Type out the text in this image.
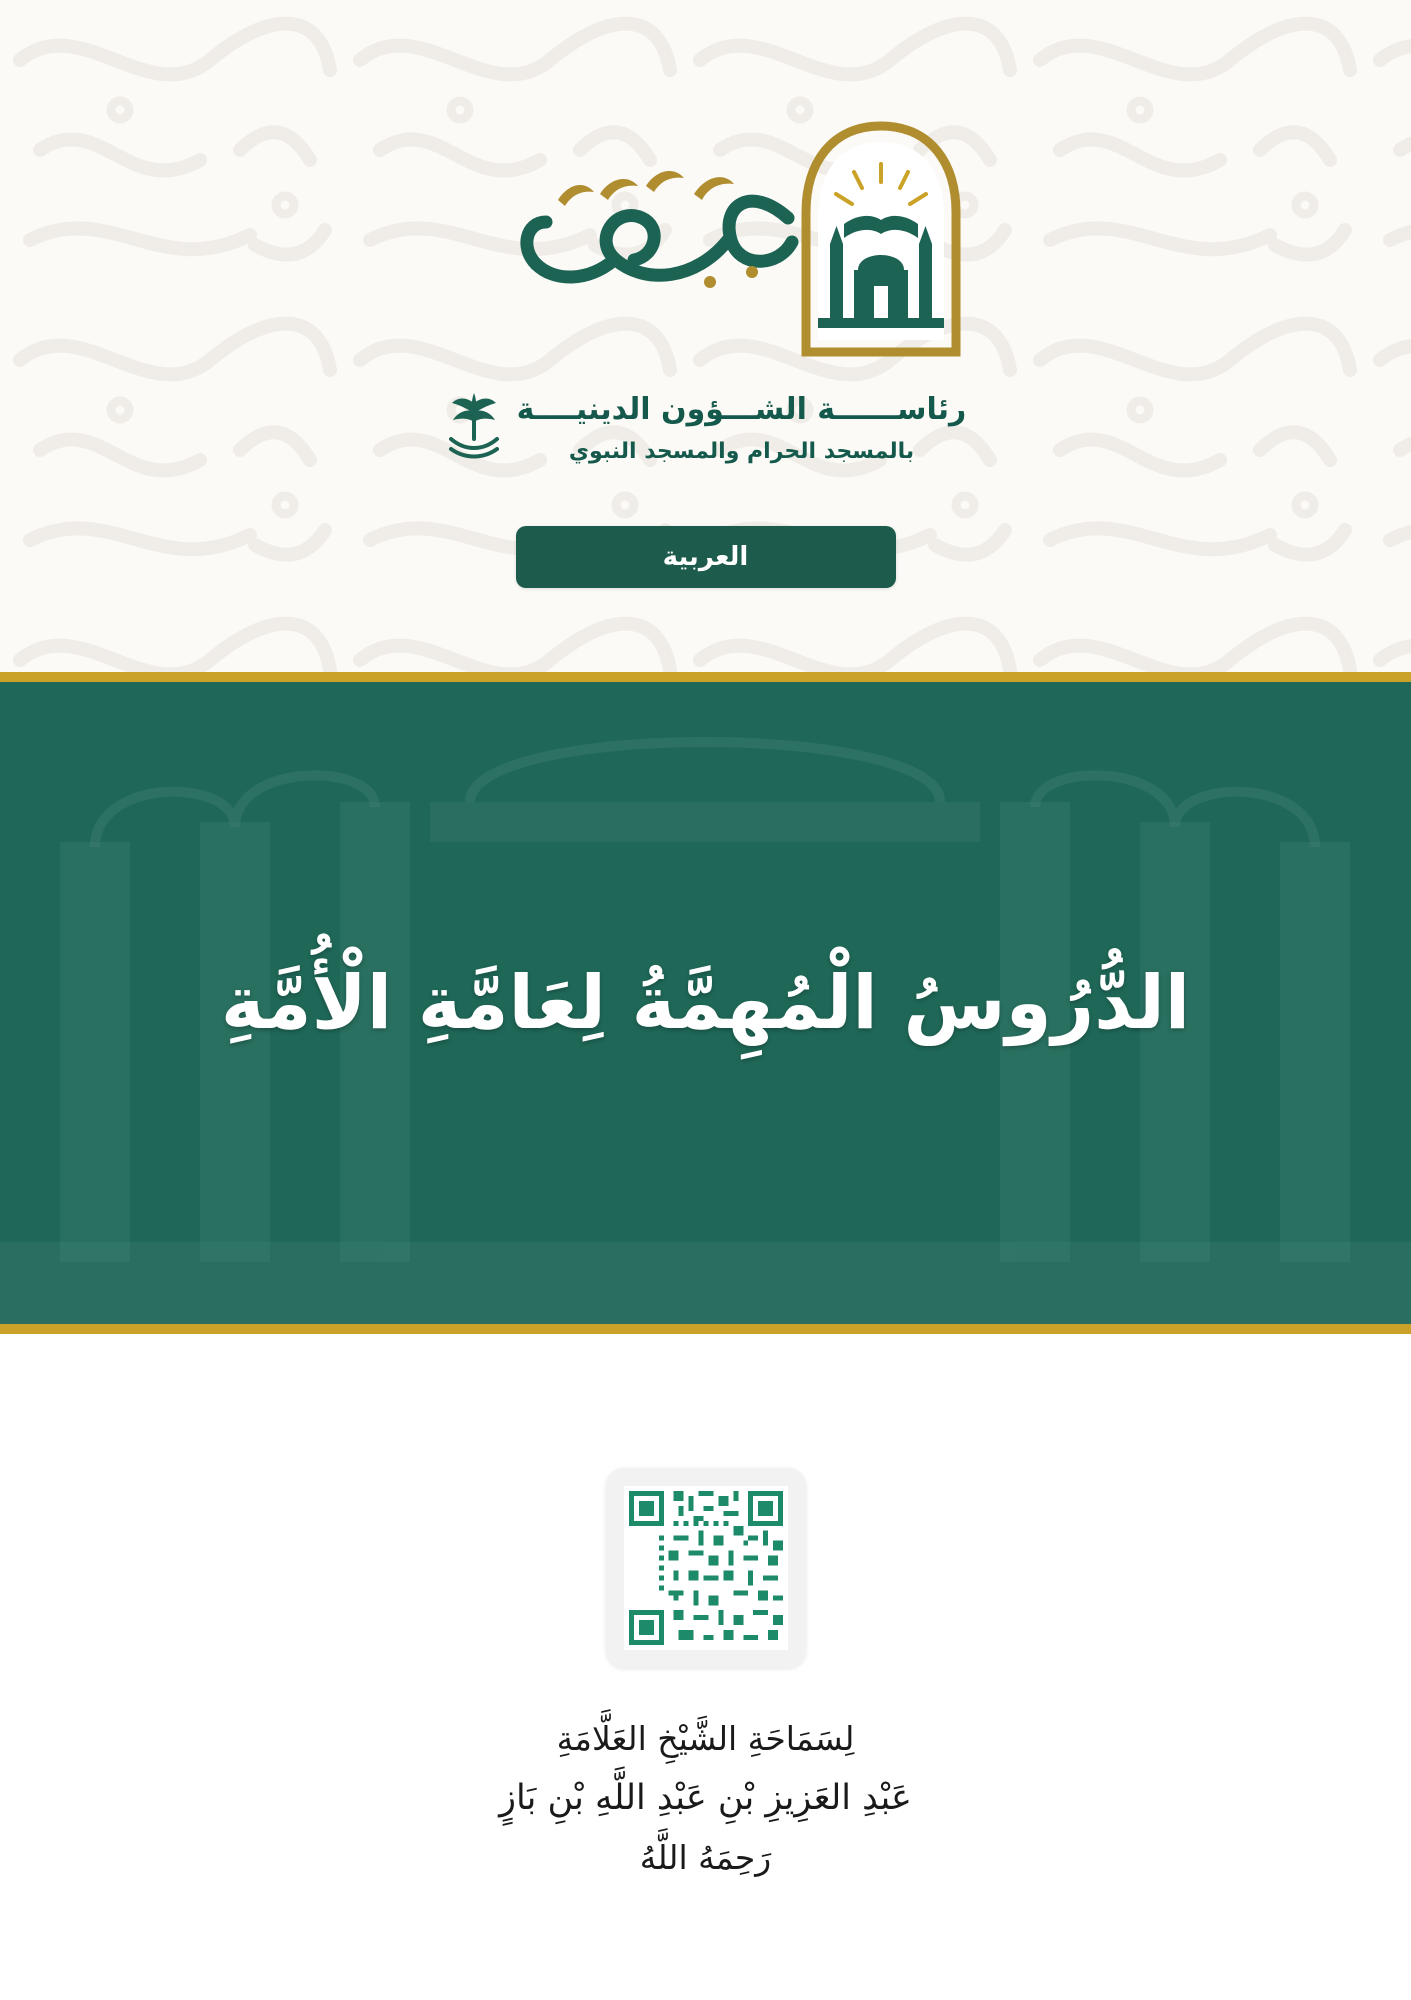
رئاســــــة الشـــؤون الدينيــــة
بالمسجد الحرام والمسجد النبوي
العربية
الدُّرُوسُ الْمُهِمَّةُ لِعَامَّةِ الْأُمَّةِ
لِسَمَاحَةِ الشَّيْخِ العَلَّامَةِ
عَبْدِ العَزِيزِ بْنِ عَبْدِ اللَّهِ بْنِ بَازٍ
رَحِمَهُ اللَّهُ
